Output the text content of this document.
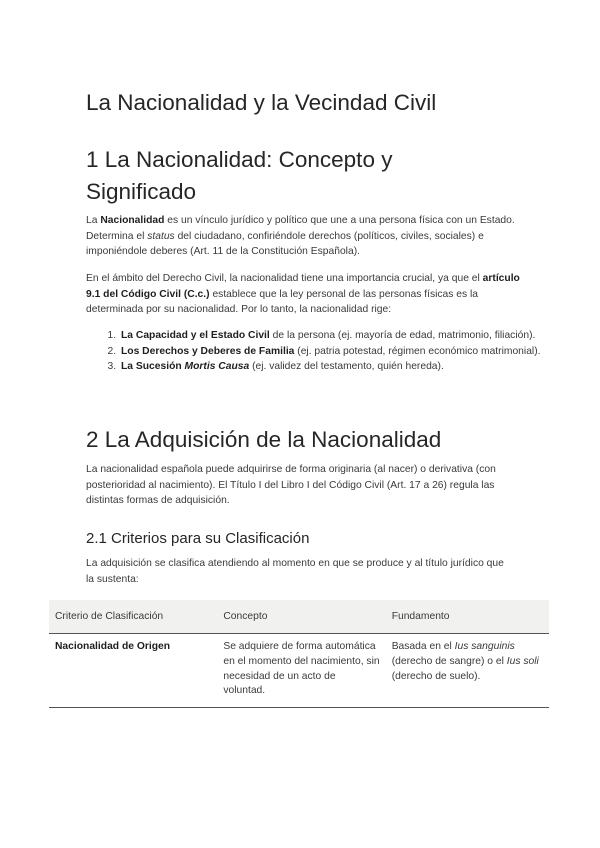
La Nacionalidad y la Vecindad Civil
1 La Nacionalidad: Concepto y
Significado

La Nacionalidad es un vínculo jurídico y político que une a una persona física con un Estado. Determina el status del ciudadano, confiriéndole derechos (políticos, civiles, sociales) e imponiéndole deberes (Art. 11 de la Constitución Española).

En el ámbito del Derecho Civil, la nacionalidad tiene una importancia crucial, ya que el artículo 9.1 del Código Civil (C.c.) establece que la ley personal de las personas físicas es la determinada por su nacionalidad. Por lo tanto, la nacionalidad rige:

1. La Capacidad y el Estado Civil de la persona (ej. mayoría de edad, matrimonio, filiación).
2. Los Derechos y Deberes de Familia (ej. patria potestad, régimen económico matrimonial).
3. La Sucesión Mortis Causa (ej. validez del testamento, quién hereda).
2 La Adquisición de la Nacionalidad

La nacionalidad española puede adquirirse de forma originaria (al nacer) o derivativa (con posterioridad al nacimiento). El Título I del Libro I del Código Civil (Art. 17 a 26) regula las distintas formas de adquisición.

2.1 Criterios para su Clasificación

La adquisición se clasifica atendiendo al momento en que se produce y al título jurídico que la sustenta:

Criterio de Clasificación	Concepto	Fundamento
Nacionalidad de Origen	Se adquiere de forma automática en el momento del nacimiento, sin necesidad de un acto de voluntad.	Basada en el Ius sanguinis (derecho de sangre) o el Ius soli (derecho de suelo).
